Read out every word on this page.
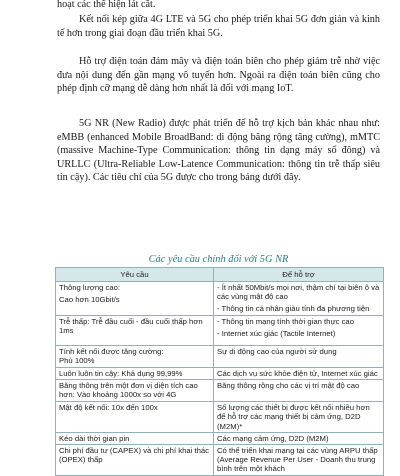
hoạt các thể hiện lát cắt.

Kết nối kép giữa 4G LTE và 5G cho phép triển khai 5G đơn giản và kinh tế hơn trong giai đoạn đầu triển khai 5G.

Hỗ trợ điện toán đám mây và điện toán biên cho phép giảm trễ nhờ việc đưa nội dung đến gần mạng vô tuyến hơn. Ngoài ra điện toán biên cũng cho phép định cỡ mạng dễ dàng hơn nhất là đối với mạng IoT.

5G NR (New Radio) được phát triển để hỗ trợ kịch bản khác nhau như: eMBB (enhanced Mobile BroadBand: di động băng rộng tăng cường), mMTC (massive Machine-Type Communication: thông tin dạng máy số đông) và URLLC (Ultra-Reliable Low-Latence Communication: thông tin trễ thấp siêu tin cậy). Các tiêu chí của 5G được cho trong bảng dưới đây.

Các yêu cầu chính đối với 5G NR
Yêu cầu	Để hỗ trợ

Thông lượng cao:
Cao hơn 10Gbit/s	- Ít nhất 50Mbit/s mọi nơi, thậm chí tại biên ô và các vùng mật độ cao
- Thông tin cá nhân giàu tính đa phương tiện

Trễ thấp: Trễ đầu cuối - đầu cuối thấp hơn 1ms	- Thông tin mạng tính thời gian thực cao
- Internet xúc giác (Tactile Internet)

Tính kết nối được tăng cường:
Phủ 100%	Sự di động cao của người sử dụng

Luôn luôn tin cậy: Khả dụng 99,99%	Các dịch vụ sức khỏe điện tử, Internet xúc giác

Băng thông trên một đơn vị diện tích cao hơn: Vào khoảng 1000x so với 4G	Băng thông rộng cho các vị trí mật độ cao

Mật độ kết nối: 10x đến 100x	Số lượng các thiết bị được kết nối nhiều hơn để hỗ trợ các mạng thiết bị cảm ứng, D2D (M2M)*

Kéo dài thời gian pin	Các mạng cảm ứng, D2D (M2M)

Chi phí đầu tư (CAPEX) và chi phí khai thác (OPEX) thấp	Có thể triển khai mạng tại các vùng ARPU thấp (Average Revenue Per User - Doanh thu trung bình trên một khách
